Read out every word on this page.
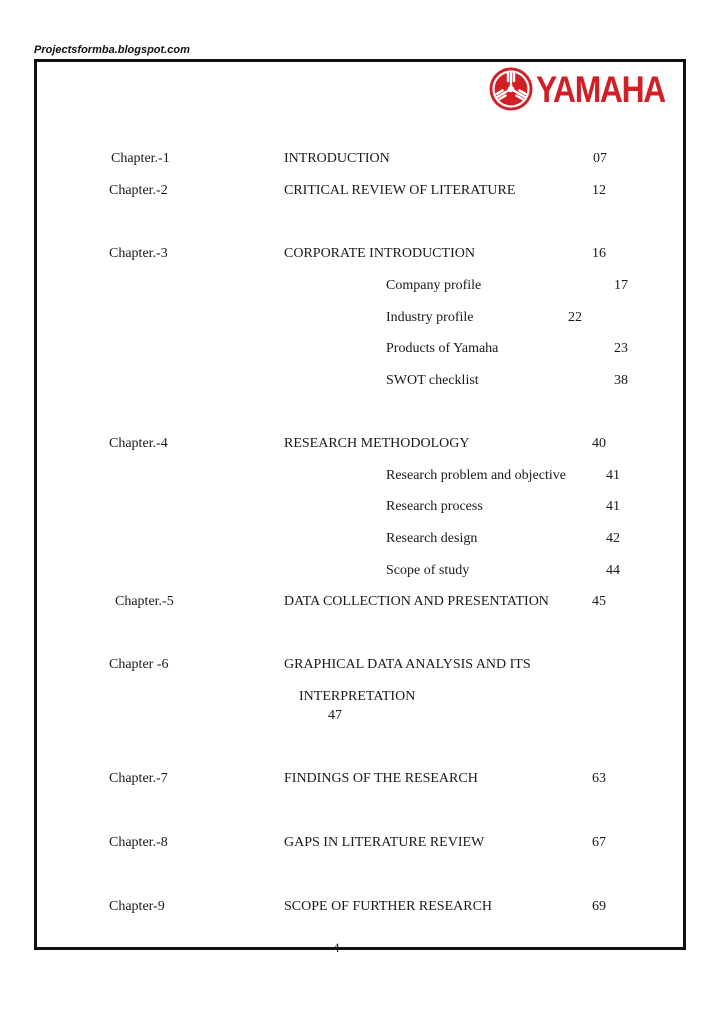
Projectsformba.blogspot.com
YAMAHA
Chapter.-1	INTRODUCTION	07
Chapter.-2	CRITICAL REVIEW OF LITERATURE	12
Chapter.-3	CORPORATE INTRODUCTION	16
Company profile	17
Industry profile	22
Products of Yamaha	23
SWOT checklist	38
Chapter.-4	RESEARCH METHODOLOGY	40
Research problem and objective	41
Research process	41
Research design	42
Scope of study	44
Chapter.-5	DATA COLLECTION AND PRESENTATION	45
Chapter -6	GRAPHICAL DATA ANALYSIS AND ITS
INTERPRETATION
47
Chapter.-7	FINDINGS OF THE RESEARCH	63
Chapter.-8	GAPS IN LITERATURE REVIEW	67
Chapter-9	SCOPE OF FURTHER RESEARCH	69
4
